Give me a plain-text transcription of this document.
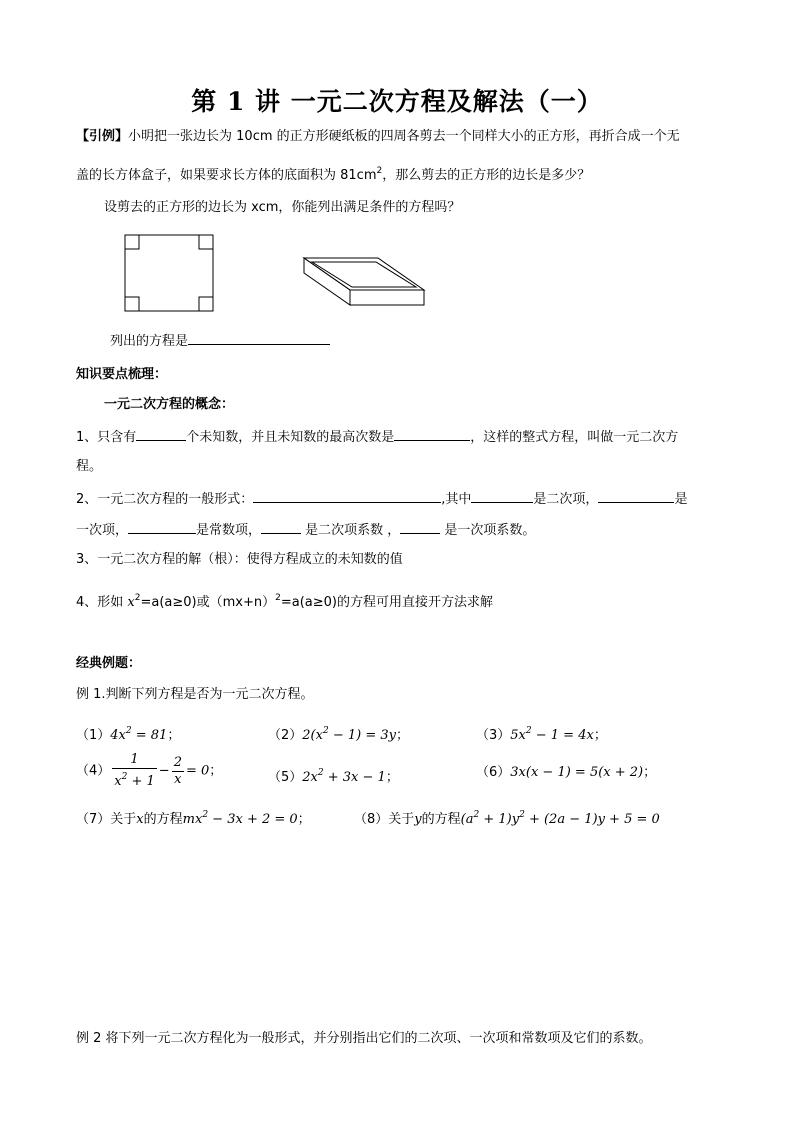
第 1 讲 一元二次方程及解法（一）
【引例】小明把一张边长为 10cm 的正方形硬纸板的四周各剪去一个同样大小的正方形，再折合成一个无
盖的长方体盒子，如果要求长方体的底面积为 $81cm^2$，那么剪去的正方形的边长是多少？
设剪去的正方形的边长为 xcm，你能列出满足条件的方程吗？
列出的方程是
知识要点梳理：
一元二次方程的概念：
1、只含有	个未知数，并且未知数的最高次数是	，这样的整式方程，叫做一元二次方
程。
2、一元二次方程的一般形式：	,其中	是二次项，	是
一次项，	是常数项，	是二次项系数 ，	是一次项系数。
3、一元二次方程的解（根）：使得方程成立的未知数的值
4、形如 $x^2=a(a\ge 0)$或$(mx+n)^2=a(a\ge 0)$的方程可用直接开方法求解
经典例题：
例 1.判断下列方程是否为一元二次方程。
$(1)4x^2 = 81$；	$(2)2(x^2 - 1) = 3y$；	$(3)5x^2 - 1 = 4x$；
$(4) \frac{1}{x^2 + 1} - \frac{2}{x} = 0$；	$(5)2x^2 + 3x - 1$；	（6）3x(x − 1) = 5(x + 2)；
（7）关于x的方程$mx^2 - 3x + 2 = 0$；	（8）关于y的方程$(a^2 + 1)y^2 + (2a - 1)y + 5 = 0$
例 2 将下列一元二次方程化为一般形式，并分别指出它们的二次项、一次项和常数项及它们的系数。
